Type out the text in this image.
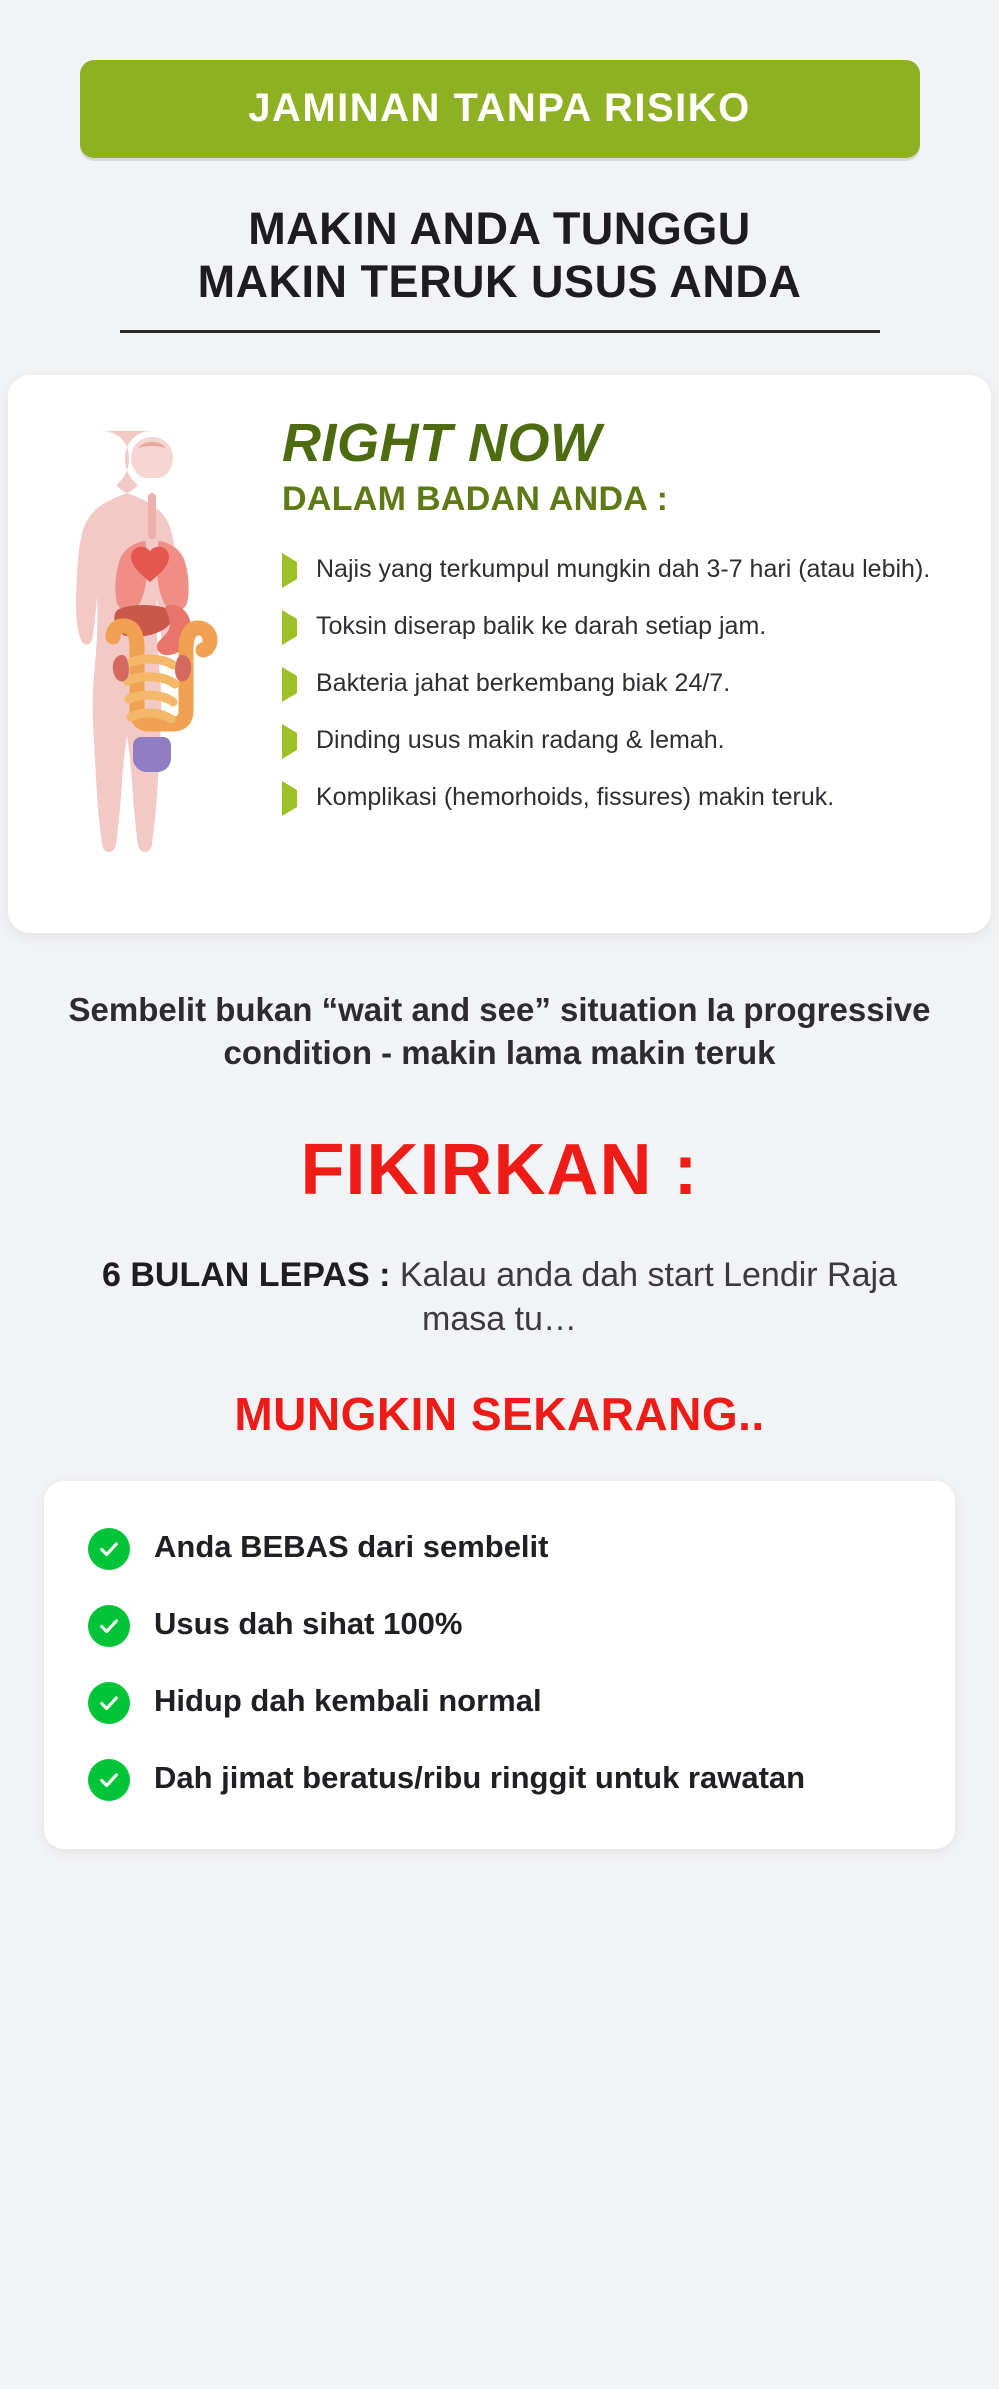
JAMINAN TANPA RISIKO
MAKIN ANDA TUNGGU
MAKIN TERUK USUS ANDA
RIGHT NOW
DALAM BADAN ANDA :
Najis yang terkumpul mungkin dah 3-7 hari (atau lebih).
Toksin diserap balik ke darah setiap jam.
Bakteria jahat berkembang biak 24/7.
Dinding usus makin radang & lemah.
Komplikasi (hemorhoids, fissures) makin teruk.
Sembelit bukan “wait and see” situation Ia progressive condition - makin lama makin teruk
FIKIRKAN :
6 BULAN LEPAS : Kalau anda dah start Lendir Raja masa tu…
MUNGKIN SEKARANG..
Anda BEBAS dari sembelit
Usus dah sihat 100%
Hidup dah kembali normal
Dah jimat beratus/ribu ringgit untuk rawatan
